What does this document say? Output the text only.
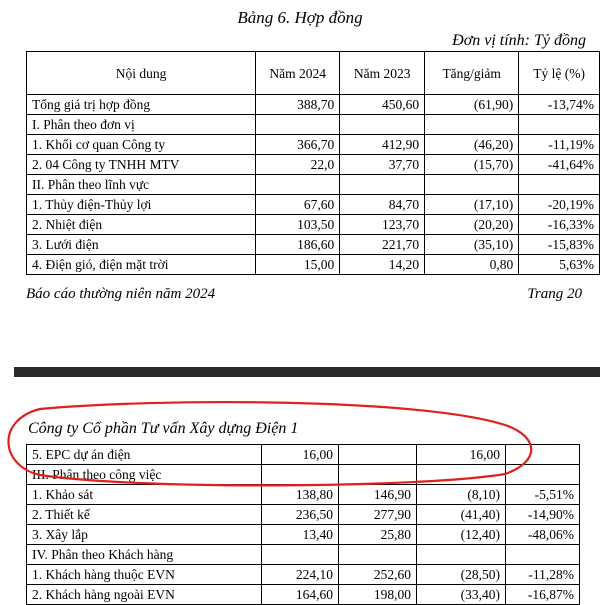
Bảng 6. Hợp đồng
Đơn vị tính: Tỷ đồng
Nội dung	Năm 2024	Năm 2023	Tăng/giảm	Tỷ lệ (%)
Tổng giá trị hợp đồng	388,70	450,60	(61,90)	-13,74%
I. Phân theo đơn vị				
1. Khối cơ quan Công ty	366,70	412,90	(46,20)	-11,19%
2. 04 Công ty TNHH MTV	22,0	37,70	(15,70)	-41,64%
II. Phân theo lĩnh vực				
1. Thủy điện-Thủy lợi	67,60	84,70	(17,10)	-20,19%
2. Nhiệt điện	103,50	123,70	(20,20)	-16,33%
3. Lưới điện	186,60	221,70	(35,10)	-15,83%
4. Điện gió, điện mặt trời	15,00	14,20	0,80	5,63%
Báo cáo thường niên năm 2024	Trang 20
Công ty Cổ phần Tư vấn Xây dựng Điện 1
5. EPC dự án điện	16,00		16,00	
III. Phân theo công việc				
1. Khảo sát	138,80	146,90	(8,10)	-5,51%
2. Thiết kế	236,50	277,90	(41,40)	-14,90%
3. Xây lắp	13,40	25,80	(12,40)	-48,06%
IV. Phân theo Khách hàng				
1. Khách hàng thuộc EVN	224,10	252,60	(28,50)	-11,28%
2. Khách hàng ngoài EVN	164,60	198,00	(33,40)	-16,87%
